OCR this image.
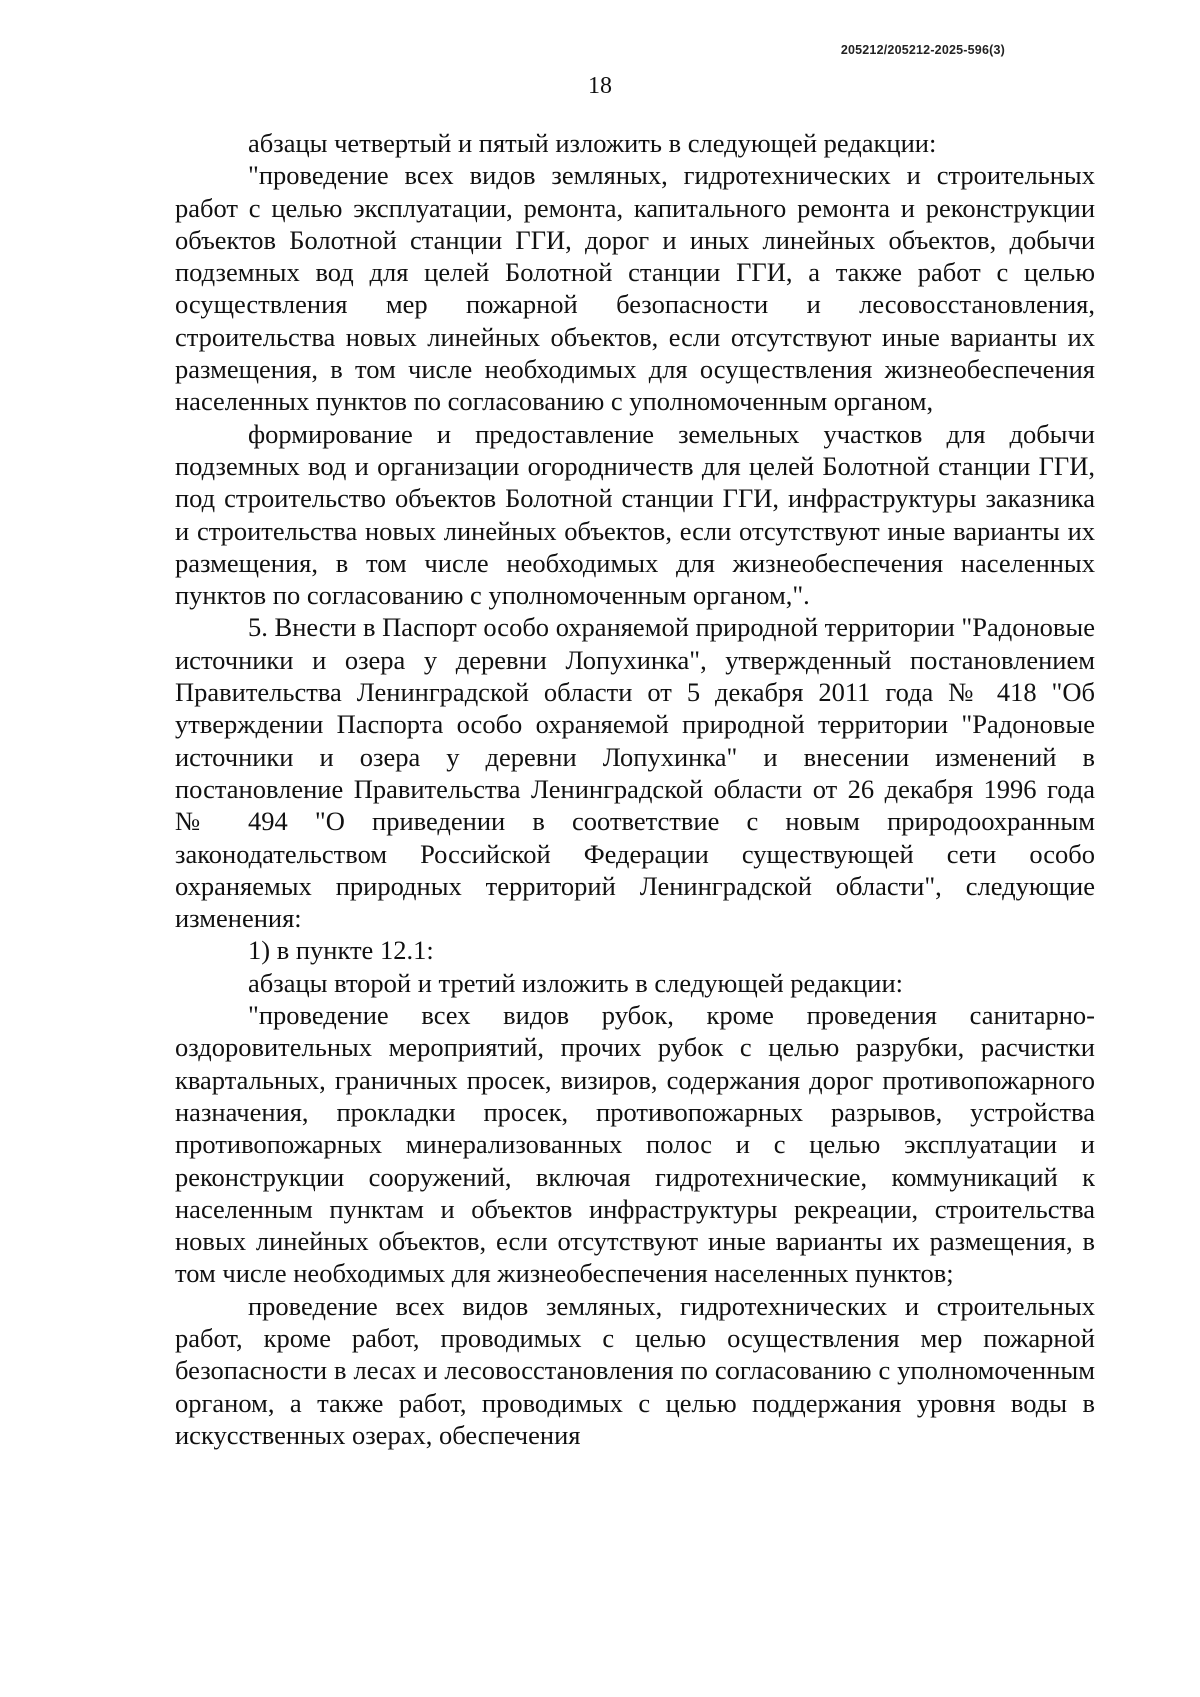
205212/205212-2025-596(3)
18

абзацы четвертый и пятый изложить в следующей редакции:

"проведение всех видов земляных, гидротехнических и строительных работ с целью эксплуатации, ремонта, капитального ремонта и реконструкции объектов Болотной станции ГГИ, дорог и иных линейных объектов, добычи подземных вод для целей Болотной станции ГГИ, а также работ с целью осуществления мер пожарной безопасности и лесовосстановления, строительства новых линейных объектов, если отсутствуют иные варианты их размещения, в том числе необходимых для осуществления жизнеобеспечения населенных пунктов по согласованию с уполномоченным органом,

формирование и предоставление земельных участков для добычи подземных вод и организации огородничеств для целей Болотной станции ГГИ, под строительство объектов Болотной станции ГГИ, инфраструктуры заказника и строительства новых линейных объектов, если отсутствуют иные варианты их размещения, в том числе необходимых для жизнеобеспечения населенных пунктов по согласованию с уполномоченным органом,".

5. Внести в Паспорт особо охраняемой природной территории "Радоновые источники и озера у деревни Лопухинка", утвержденный постановлением Правительства Ленинградской области от 5 декабря 2011 года № 418 "Об утверждении Паспорта особо охраняемой природной территории "Радоновые источники и озера у деревни Лопухинка" и внесении изменений в постановление Правительства Ленинградской области от 26 декабря 1996 года № 494 "О приведении в соответствие с новым природоохранным законодательством Российской Федерации существующей сети особо охраняемых природных территорий Ленинградской области", следующие изменения:

1) в пункте 12.1:

абзацы второй и третий изложить в следующей редакции:

"проведение всех видов рубок, кроме проведения санитарно-оздоровительных мероприятий, прочих рубок с целью разрубки, расчистки квартальных, граничных просек, визиров, содержания дорог противопожарного назначения, прокладки просек, противопожарных разрывов, устройства противопожарных минерализованных полос и с целью эксплуатации и реконструкции сооружений, включая гидротехнические, коммуникаций к населенным пунктам и объектов инфраструктуры рекреации, строительства новых линейных объектов, если отсутствуют иные варианты их размещения, в том числе необходимых для жизнеобеспечения населенных пунктов;

проведение всех видов земляных, гидротехнических и строительных работ, кроме работ, проводимых с целью осуществления мер пожарной безопасности в лесах и лесовосстановления по согласованию с уполномоченным органом, а также работ, проводимых с целью поддержания уровня воды в искусственных озерах, обеспечения
